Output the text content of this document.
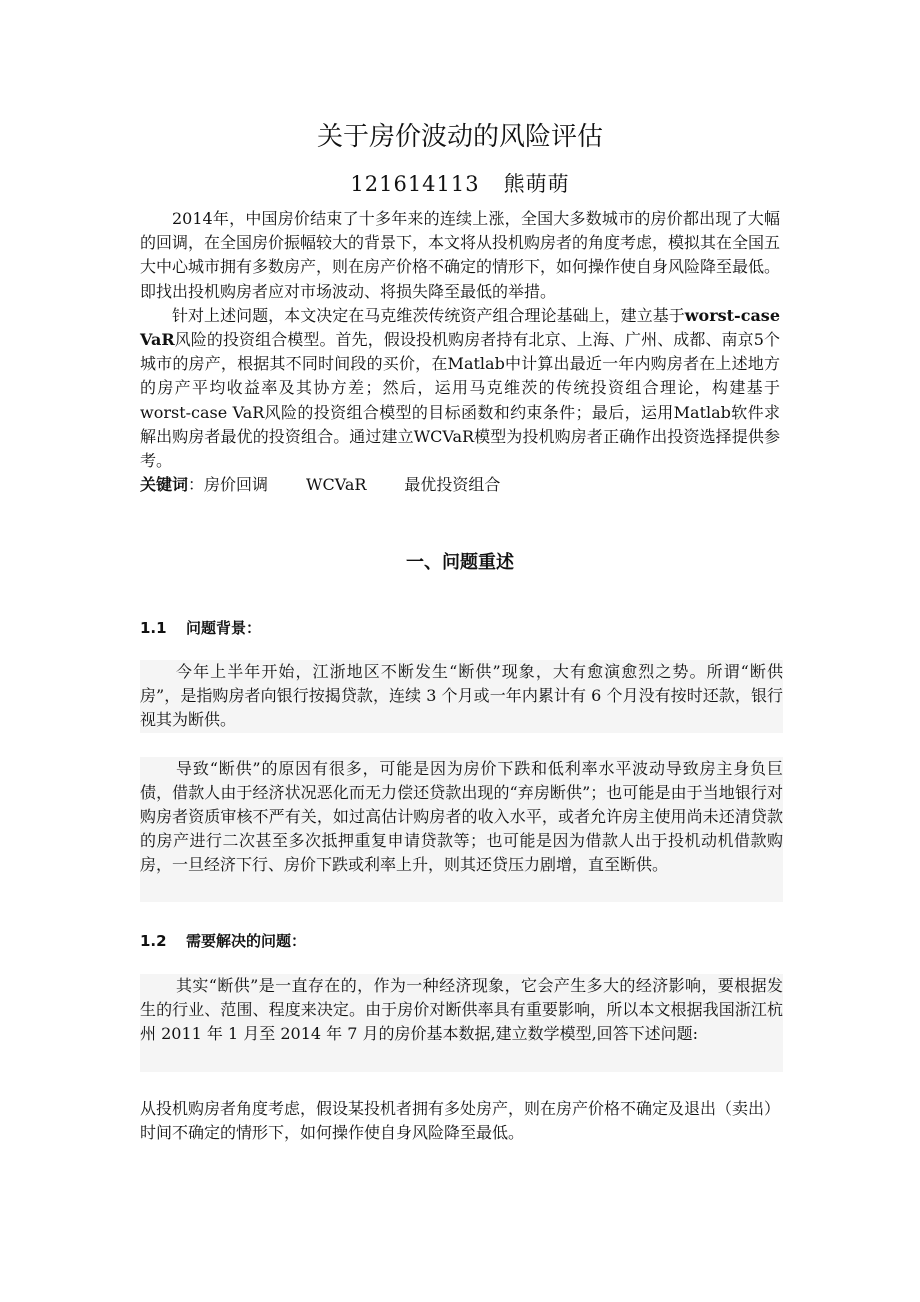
关于房价波动的风险评估
121614113 熊萌萌

2014年，中国房价结束了十多年来的连续上涨，全国大多数城市的房价都出现了大幅的回调，在全国房价振幅较大的背景下，本文将从投机购房者的角度考虑，模拟其在全国五大中心城市拥有多数房产，则在房产价格不确定的情形下，如何操作使自身风险降至最低。即找出投机购房者应对市场波动、将损失降至最低的举措。

针对上述问题，本文决定在马克维茨传统资产组合理论基础上，建立基于worst-case VaR风险的投资组合模型。首先，假设投机购房者持有北京、上海、广州、成都、南京5个城市的房产，根据其不同时间段的买价，在Matlab中计算出最近一年内购房者在上述地方的房产平均收益率及其协方差；然后，运用马克维茨的传统投资组合理论，构建基于worst-case VaR风险的投资组合模型的目标函数和约束条件；最后，运用Matlab软件求解出购房者最优的投资组合。通过建立WCVaR模型为投机购房者正确作出投资选择提供参考。

关键词：房价回调 WCVaR 最优投资组合

一、问题重述
1.1 问题背景：

今年上半年开始，江浙地区不断发生“断供”现象，大有愈演愈烈之势。所谓“断供房”，是指购房者向银行按揭贷款，连续 3 个月或一年内累计有 6 个月没有按时还款，银行视其为断供。

导致“断供”的原因有很多，可能是因为房价下跌和低利率水平波动导致房主身负巨债，借款人由于经济状况恶化而无力偿还贷款出现的“弃房断供”；也可能是由于当地银行对购房者资质审核不严有关，如过高估计购房者的收入水平，或者允许房主使用尚未还清贷款的房产进行二次甚至多次抵押重复申请贷款等；也可能是因为借款人出于投机动机借款购房，一旦经济下行、房价下跌或利率上升，则其还贷压力剧增，直至断供。

1.2 需要解决的问题：

其实“断供”是一直存在的，作为一种经济现象，它会产生多大的经济影响，要根据发生的行业、范围、程度来决定。由于房价对断供率具有重要影响，所以本文根据我国浙江杭州 2011 年 1 月至 2014 年 7 月的房价基本数据,建立数学模型,回答下述问题:

从投机购房者角度考虑，假设某投机者拥有多处房产，则在房产价格不确定及退出（卖出）时间不确定的情形下，如何操作使自身风险降至最低。
